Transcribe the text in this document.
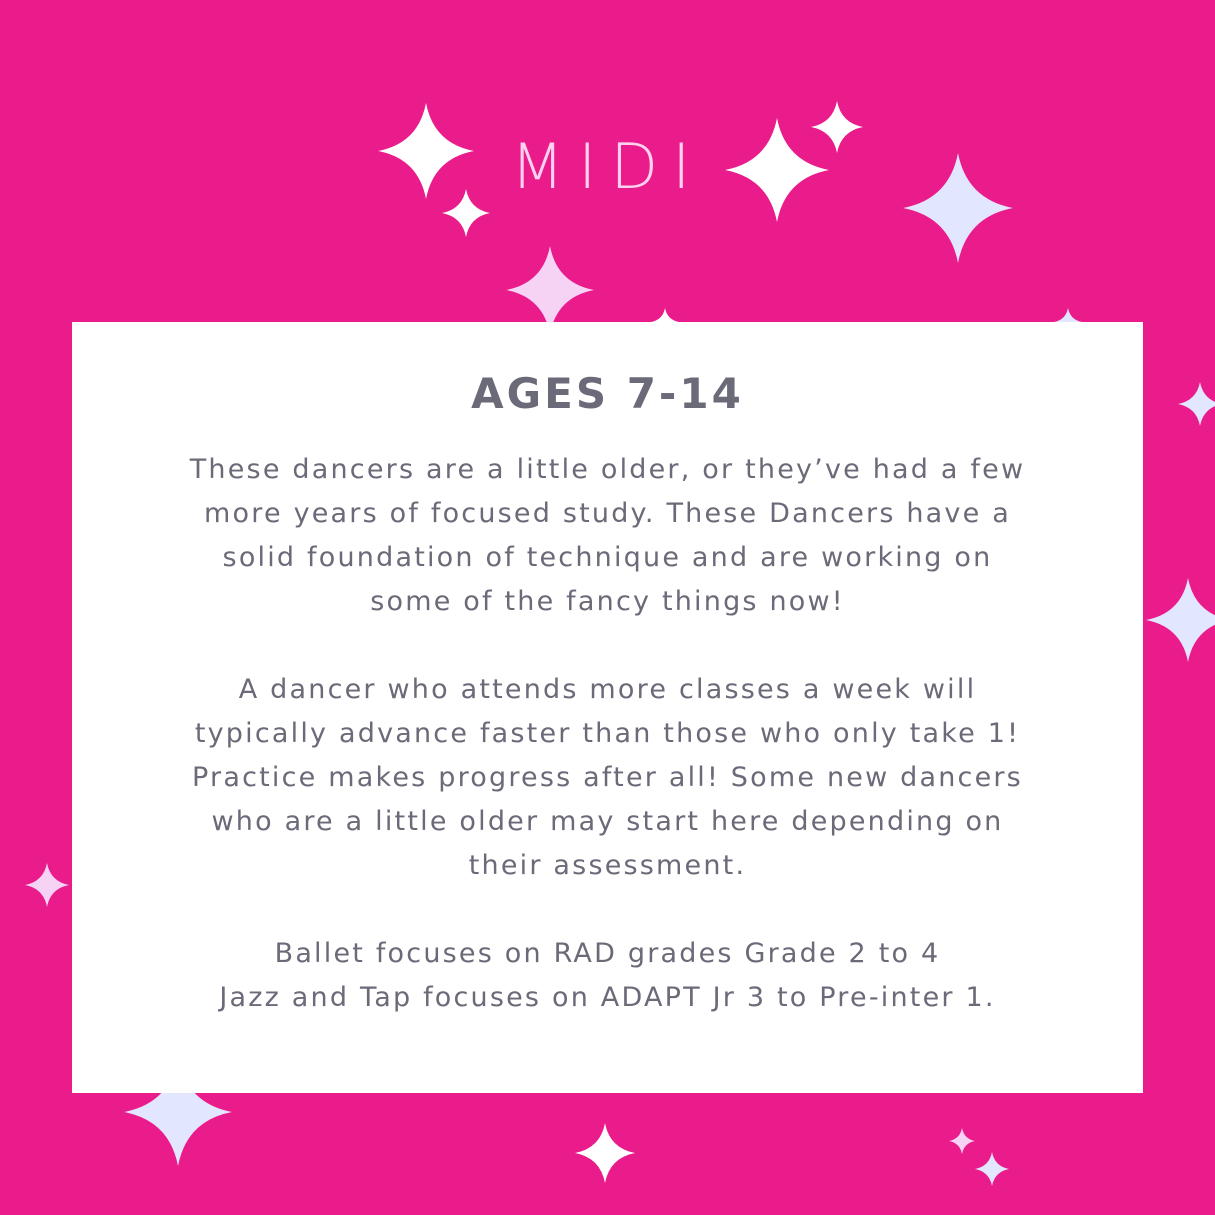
MIDI
AGES 7-14

These dancers are a little older, or they’ve had a few
more years of focused study. These Dancers have a
solid foundation of technique and are working on
some of the fancy things now!

A dancer who attends more classes a week will
typically advance faster than those who only take 1!
Practice makes progress after all! Some new dancers
who are a little older may start here depending on
their assessment.

Ballet focuses on RAD grades Grade 2 to 4
Jazz and Tap focuses on ADAPT Jr 3 to Pre-inter 1.
